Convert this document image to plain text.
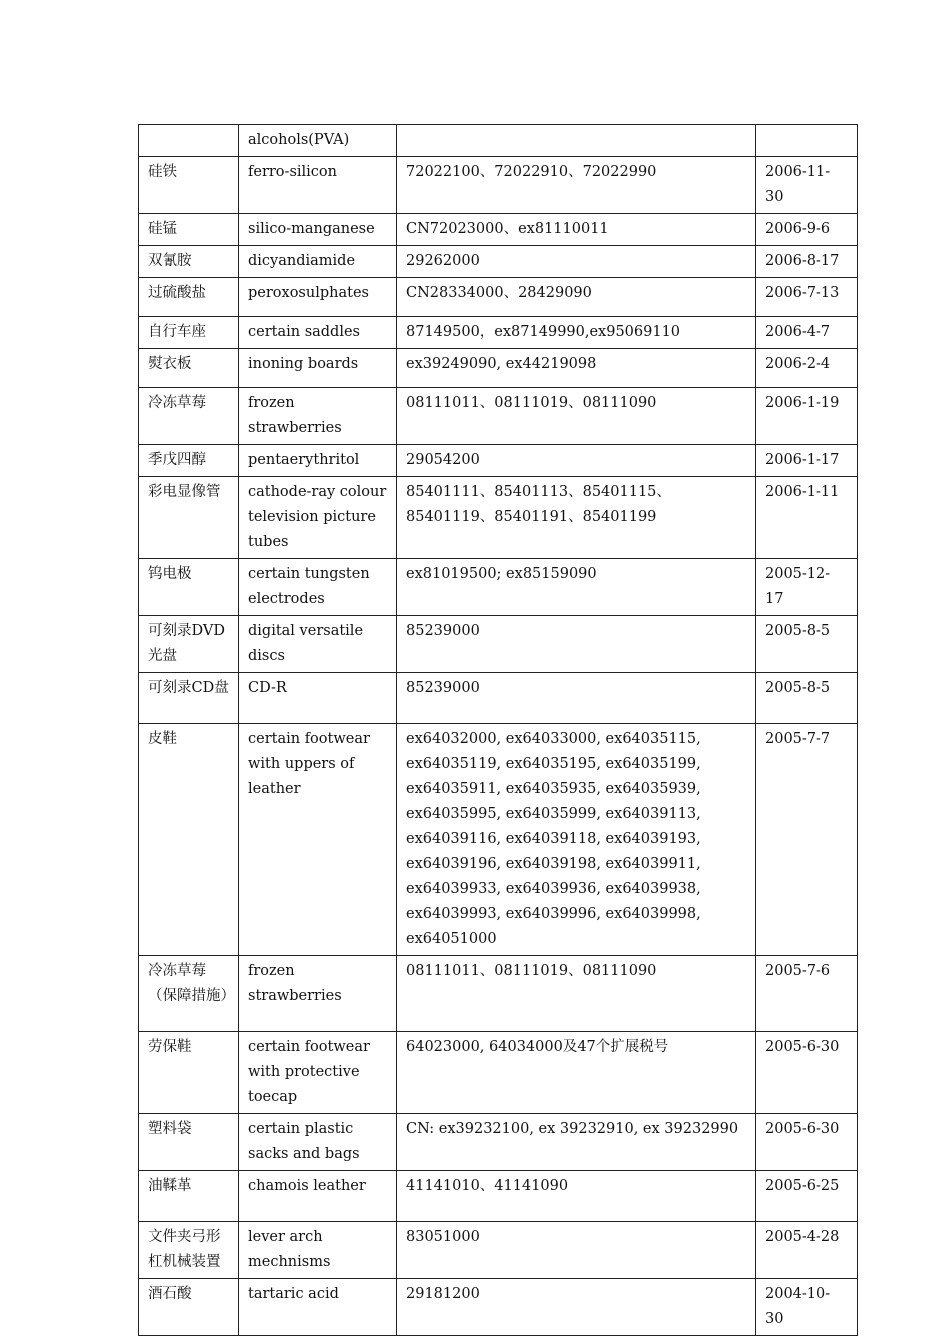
	alcohols(PVA)		
硅铁	ferro-silicon	72022100、72022910、72022990	2006-11-30
硅锰	silico-manganese	CN72023000、ex81110011	2006-9-6
双氰胺	dicyandiamide	29262000	2006-8-17
过硫酸盐	peroxosulphates	CN28334000、28429090	2006-7-13
自行车座	certain saddles	87149500，ex87149990,ex95069110	2006-4-7
熨衣板	inoning boards	ex39249090, ex44219098	2006-2-4
冷冻草莓	frozen strawberries	08111011、08111019、08111090	2006-1-19
季戊四醇	pentaerythritol	29054200	2006-1-17
彩电显像管	cathode-ray colour television picture tubes	85401111、85401113、85401115、85401119、85401191、85401199	2006-1-11
钨电极	certain tungsten electrodes	ex81019500; ex85159090	2005-12-17
可刻录DVD光盘	digital versatile discs	85239000	2005-8-5
可刻录CD盘	CD-R	85239000	2005-8-5
皮鞋	certain footwear with uppers of leather	ex64032000, ex64033000, ex64035115, ex64035119, ex64035195, ex64035199, ex64035911, ex64035935, ex64035939, ex64035995, ex64035999, ex64039113, ex64039116, ex64039118, ex64039193, ex64039196, ex64039198, ex64039911, ex64039933, ex64039936, ex64039938, ex64039993, ex64039996, ex64039998, ex64051000	2005-7-7
冷冻草莓（保障措施）	frozen strawberries	08111011、08111019、08111090	2005-7-6
劳保鞋	certain footwear with protective toecap	64023000, 64034000及47个扩展税号	2005-6-30
塑料袋	certain plastic sacks and bags	CN: ex39232100, ex 39232910, ex 39232990	2005-6-30
油鞣革	chamois leather	41141010、41141090	2005-6-25
文件夹弓形杠机械装置	lever arch mechnisms	83051000	2005-4-28
酒石酸	tartaric acid	29181200	2004-10-30
